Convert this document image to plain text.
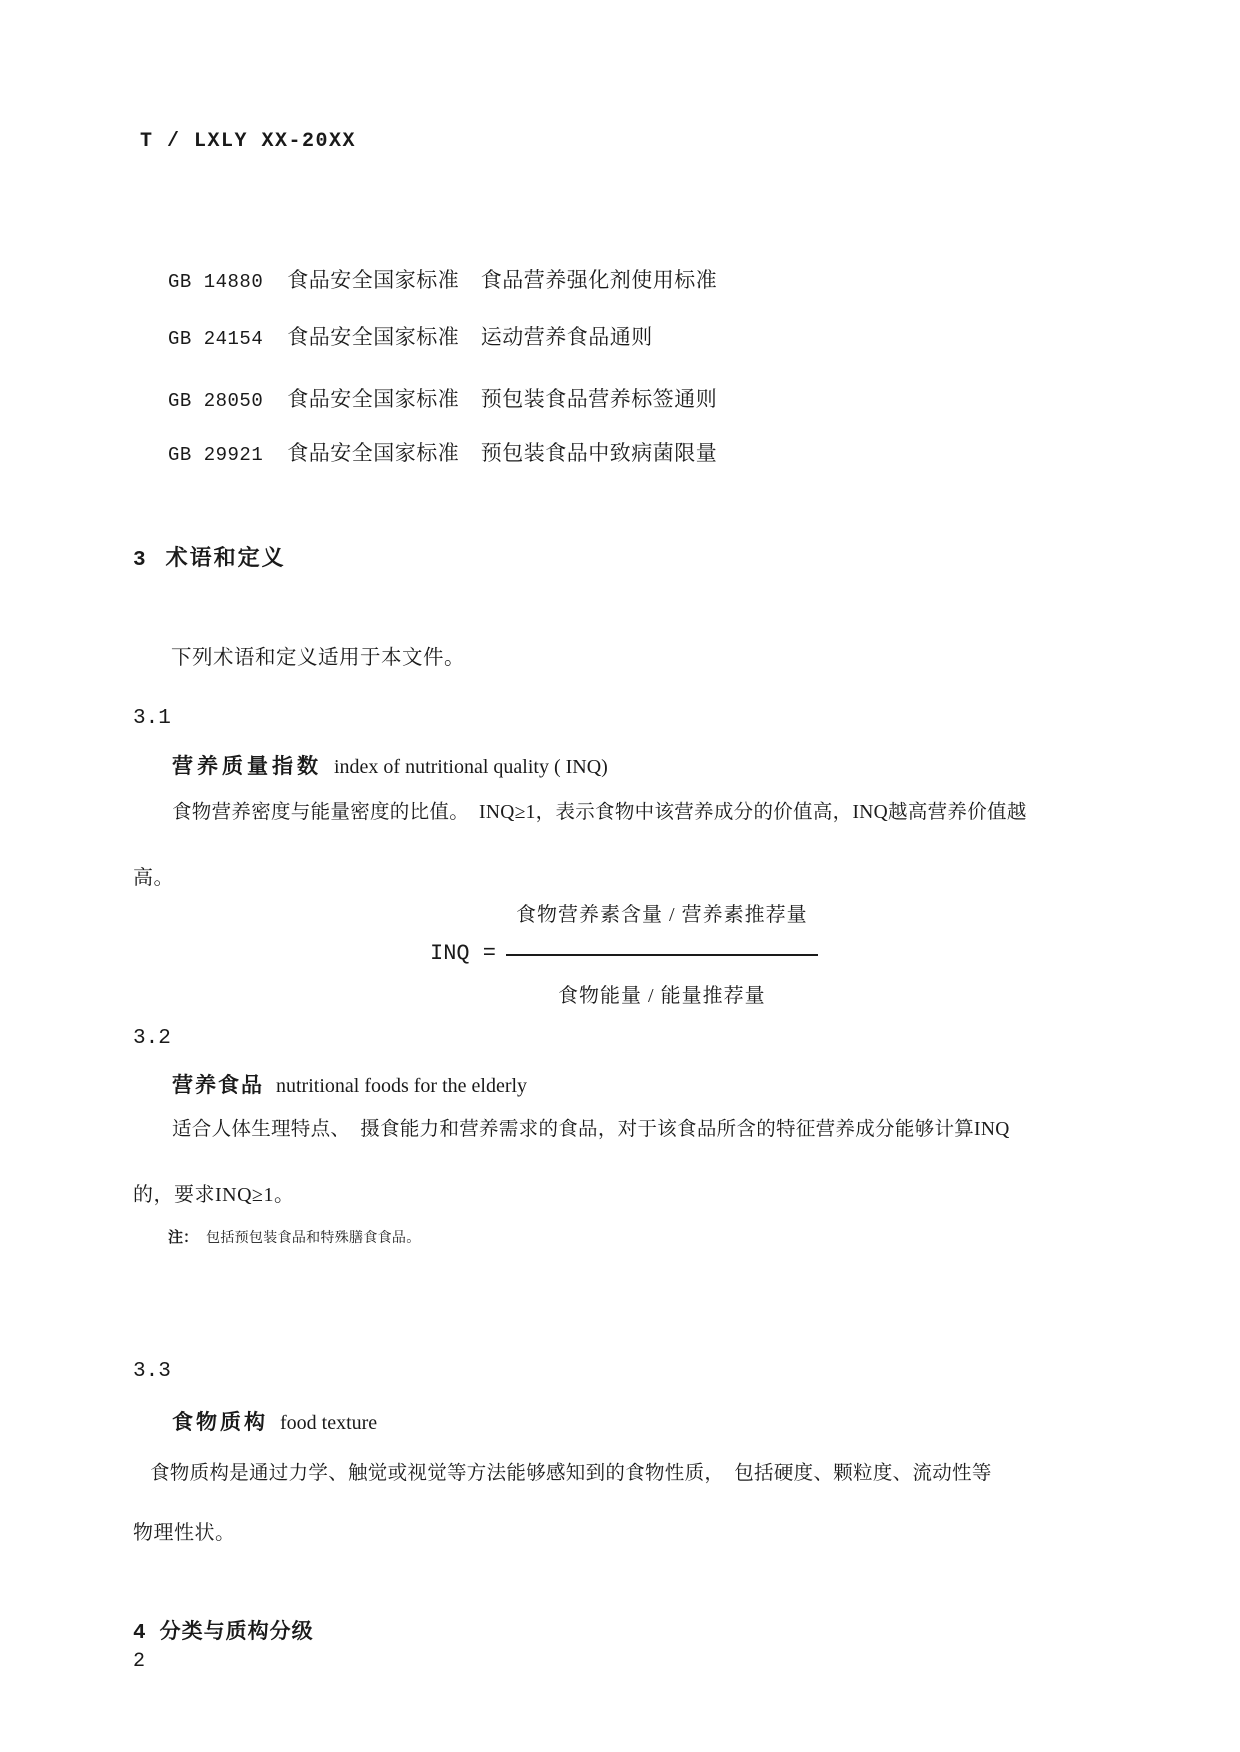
T / LXLY XX-20XX
GB 14880 食品安全国家标准　食品营养强化剂使用标准
GB 24154 食品安全国家标准　运动营养食品通则
GB 28050 食品安全国家标准　预包装食品营养标签通则
GB 29921 食品安全国家标准　预包装食品中致病菌限量
3 术语和定义
下列术语和定义适用于本文件。
3.1
营养质量指数 index of nutritional quality ( INQ)
食物营养密度与能量密度的比值。　INQ≥1，表示食物中该营养成分的价值高，INQ越高营养价值越
高。
INQ = $\frac{\text{食物营养素含量 / 营养素推荐量}}{\text{食物能量 / 能量推荐量}}$
3.2
营养食品 nutritional foods for the elderly
适合人体生理特点、　摄食能力和营养需求的食品，对于该食品所含的特征营养成分能够计算INQ
的，要求INQ≥1。
注： 包括预包装食品和特殊膳食食品。
3.3
食物质构 food texture
食物质构是通过力学、触觉或视觉等方法能够感知到的食物性质，　包括硬度、颗粒度、流动性等
物理性状。
4 分类与质构分级
2
